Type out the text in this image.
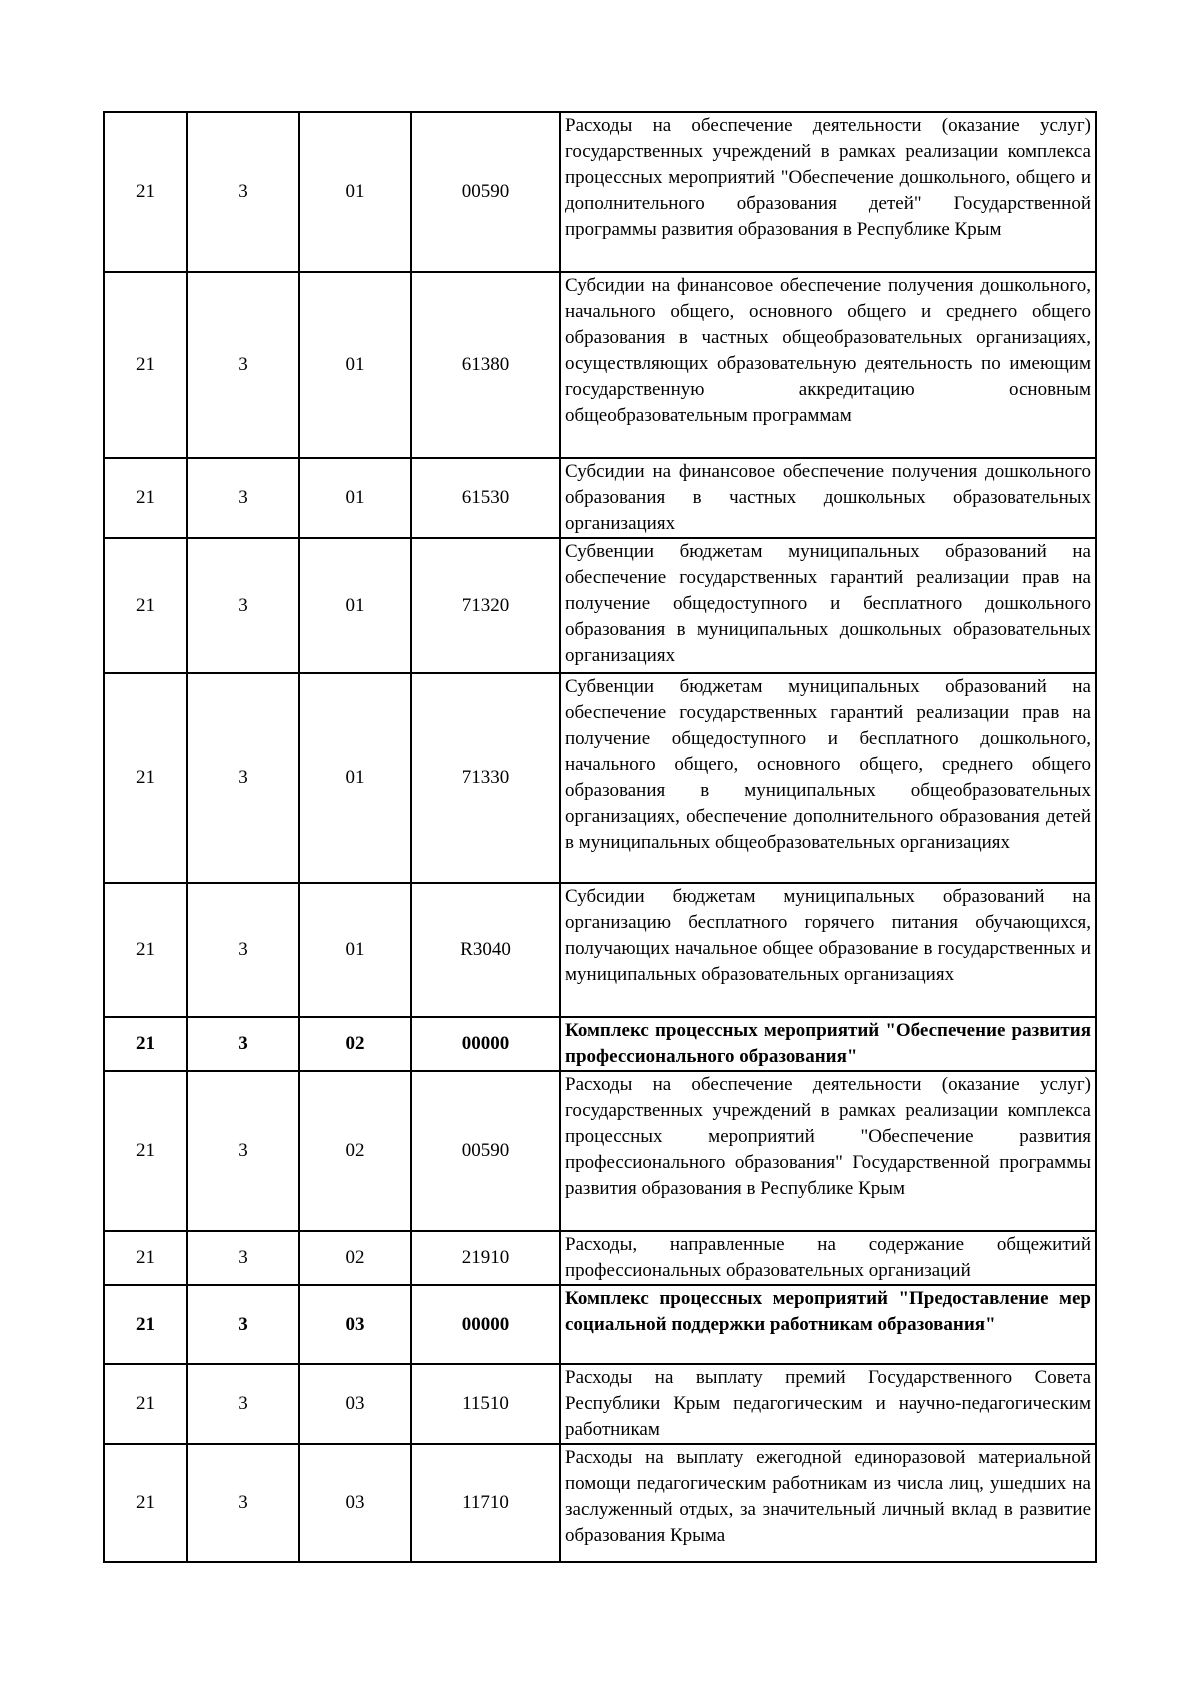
21	3	01	00590	Расходы на обеспечение деятельности (оказание услуг) государственных учреждений в рамках реализации комплекса процессных мероприятий "Обеспечение дошкольного, общего и дополнительного образования детей" Государственной программы развития образования в Республике Крым

21	3	01	61380	Субсидии на финансовое обеспечение получения дошкольного, начального общего, основного общего и среднего общего образования в частных общеобразовательных организациях, осуществляющих образовательную деятельность по имеющим государственную аккредитацию основным общеобразовательным программам

21	3	01	61530	Субсидии на финансовое обеспечение получения дошкольного образования в частных дошкольных образовательных организациях

21	3	01	71320	Субвенции бюджетам муниципальных образований на обеспечение государственных гарантий реализации прав на получение общедоступного и бесплатного дошкольного образования в муниципальных дошкольных образовательных организациях

21	3	01	71330	Субвенции бюджетам муниципальных образований на обеспечение государственных гарантий реализации прав на получение общедоступного и бесплатного дошкольного, начального общего, основного общего, среднего общего образования в муниципальных общеобразовательных организациях, обеспечение дополнительного образования детей в муниципальных общеобразовательных организациях

21	3	01	R3040	Субсидии бюджетам муниципальных образований на организацию бесплатного горячего питания обучающихся, получающих начальное общее образование в государственных и муниципальных образовательных организациях

21	3	02	00000	Комплекс процессных мероприятий "Обеспечение развития профессионального образования"

21	3	02	00590	Расходы на обеспечение деятельности (оказание услуг) государственных учреждений в рамках реализации комплекса процессных мероприятий "Обеспечение развития профессионального образования" Государственной программы развития образования в Республике Крым

21	3	02	21910	Расходы, направленные на содержание общежитий профессиональных образовательных организаций

21	3	03	00000	Комплекс процессных мероприятий "Предоставление мер социальной поддержки работникам образования"

21	3	03	11510	Расходы на выплату премий Государственного Совета Республики Крым педагогическим и научно-педагогическим работникам

21	3	03	11710	Расходы на выплату ежегодной единоразовой материальной помощи педагогическим работникам из числа лиц, ушедших на заслуженный отдых, за значительный личный вклад в развитие образования Крыма
